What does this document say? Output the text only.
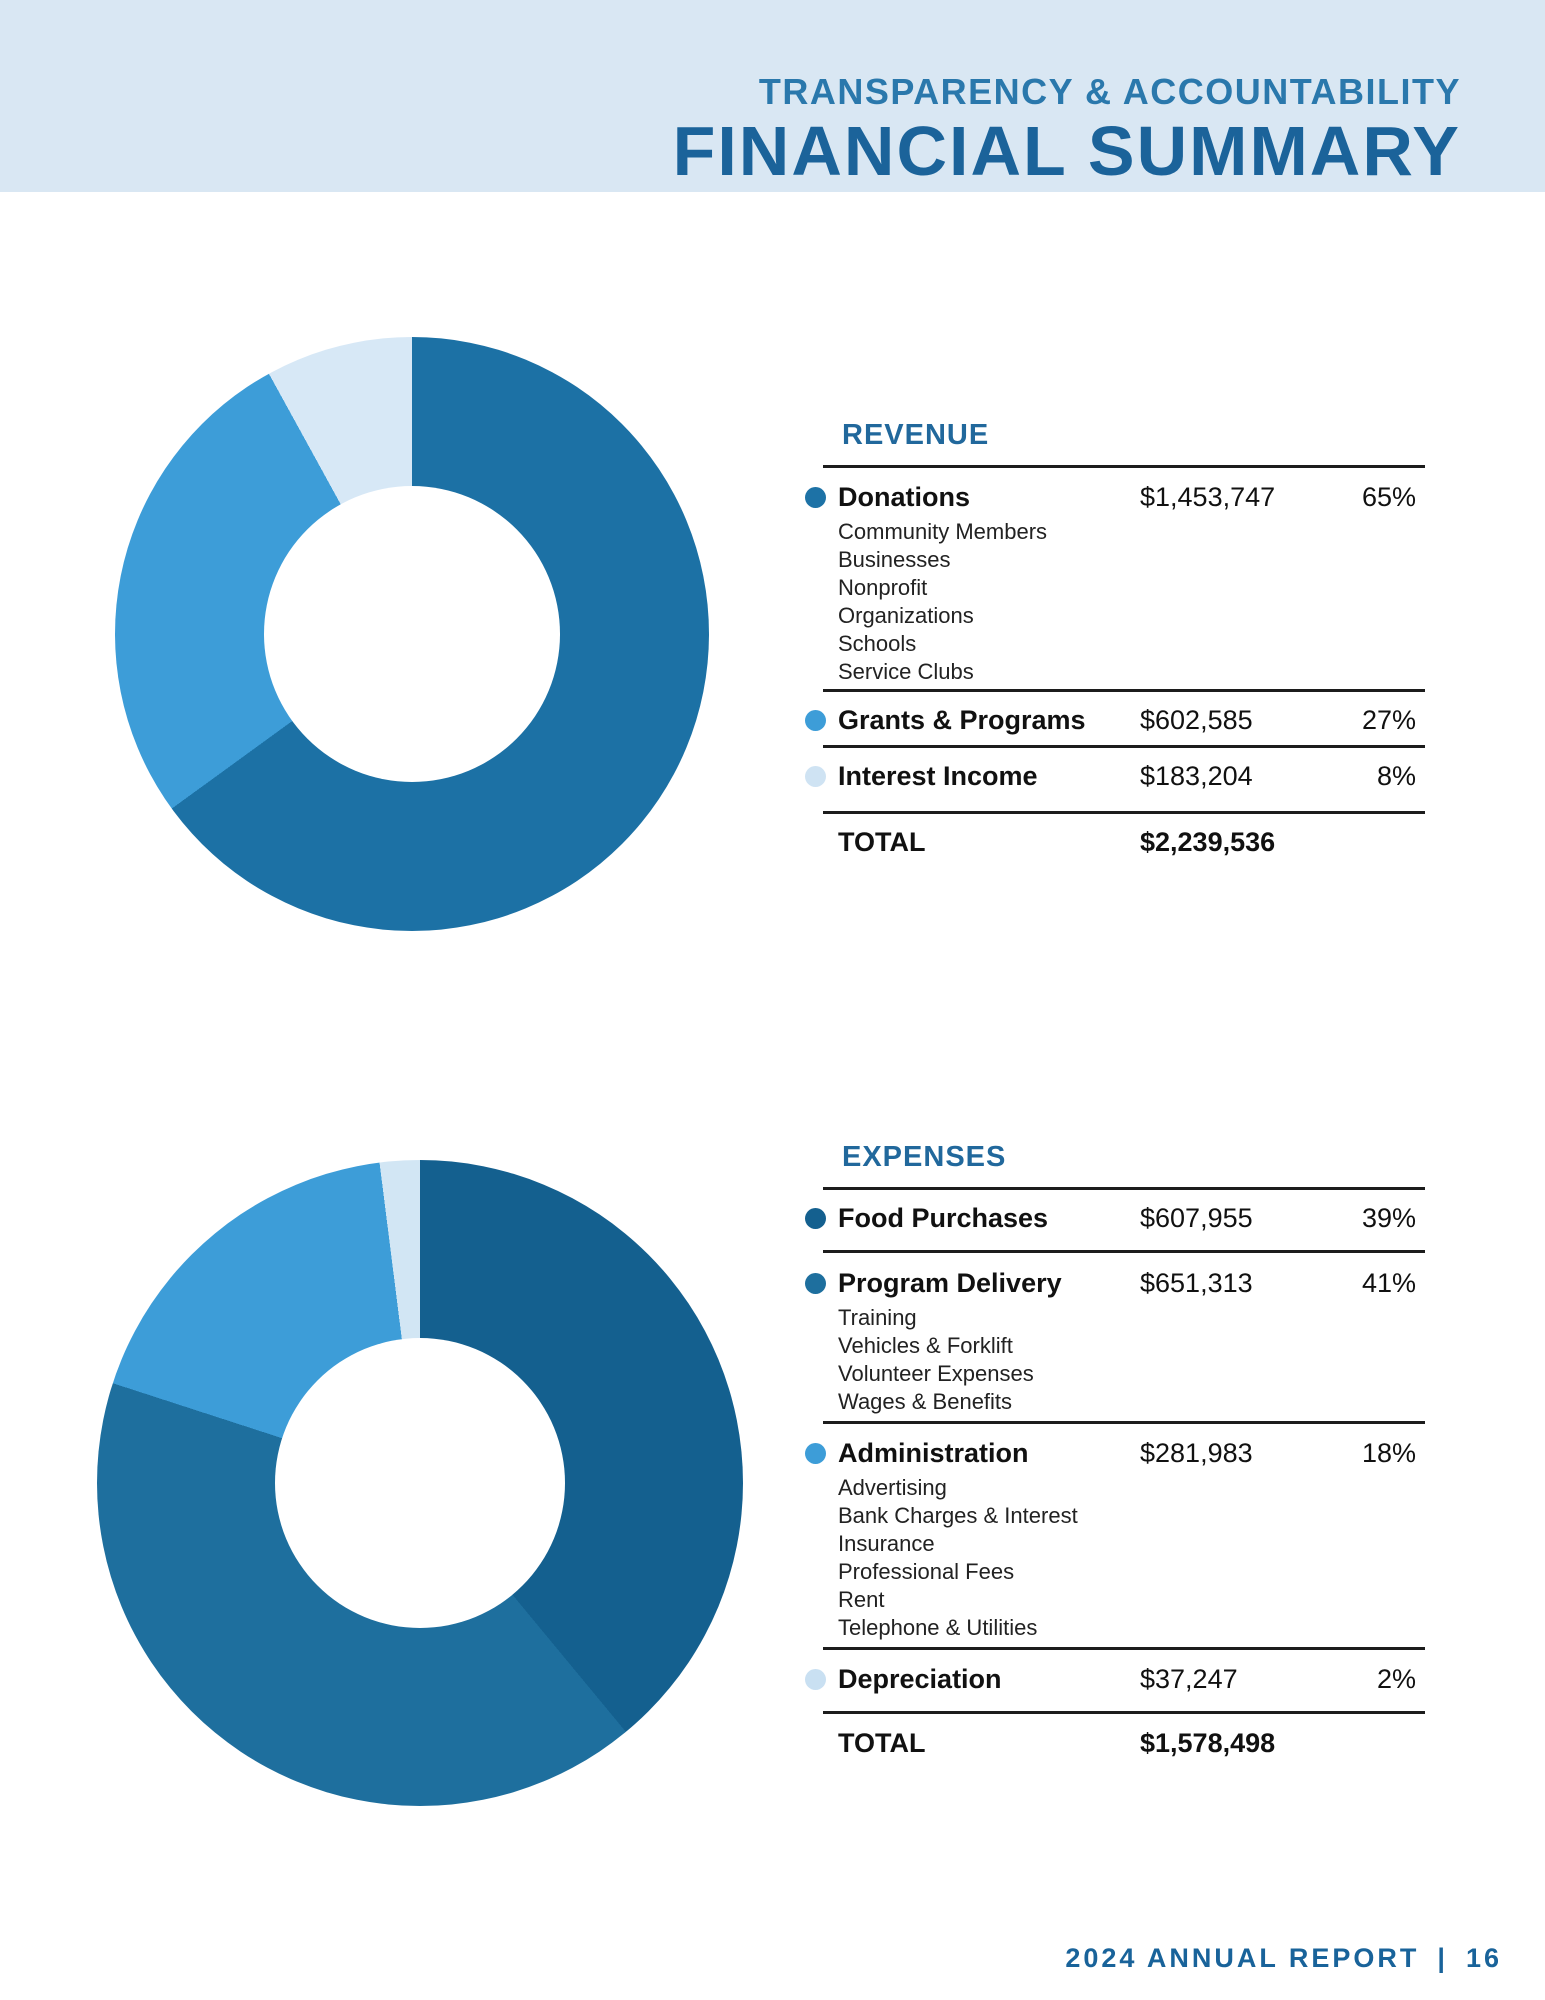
TRANSPARENCY & ACCOUNTABILITY
FINANCIAL SUMMARY
REVENUE
Donations	$1,453,747	65%
Community Members
Businesses
Nonprofit
Organizations
Schools
Service Clubs
Grants & Programs	$602,585	27%
Interest Income	$183,204	8%
TOTAL	$2,239,536
EXPENSES
Food Purchases	$607,955	39%
Program Delivery	$651,313	41%
Training
Vehicles & Forklift
Volunteer Expenses
Wages & Benefits
Administration	$281,983	18%
Advertising
Bank Charges & Interest
Insurance
Professional Fees
Rent
Telephone & Utilities
Depreciation	$37,247	2%
TOTAL	$1,578,498
2024 ANNUAL REPORT | 16
